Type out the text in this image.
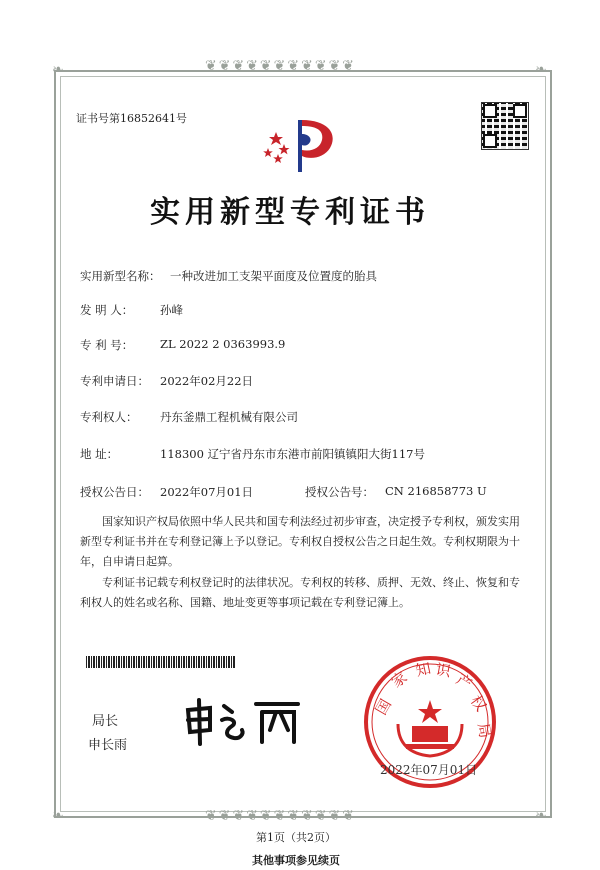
❦❦❦❦❦❦❦❦❦❦❦
❧	❧
❧	❧
❦❦❦❦❦❦❦❦❦❦❦
证书号第16852641号
实用新型专利证书
实用新型名称： 一种改进加工支架平面度及位置度的胎具
发 明 人： 孙峰
专 利 号： ZL 2022 2 0363993.9
专利申请日： 2022年02月22日
专利权人： 丹东釜鼎工程机械有限公司
地 址：	118300 辽宁省丹东市东港市前阳镇镇阳大街117号
授权公告日： 2022年07月01日	授权公告号： CN 216858773 U
国家知识产权局依照中华人民共和国专利法经过初步审查，决定授予专利权，颁发实用新型专利证书并在专利登记簿上予以登记。专利权自授权公告之日起生效。专利权期限为十年，自申请日起算。
专利证书记载专利权登记时的法律状况。专利权的转移、质押、无效、终止、恢复和专利权人的姓名或名称、国籍、地址变更等事项记载在专利登记簿上。
局长
申长雨
国
家 知 识 产
权
局
2022年07月01日
第1页（共2页）
其他事项参见续页
